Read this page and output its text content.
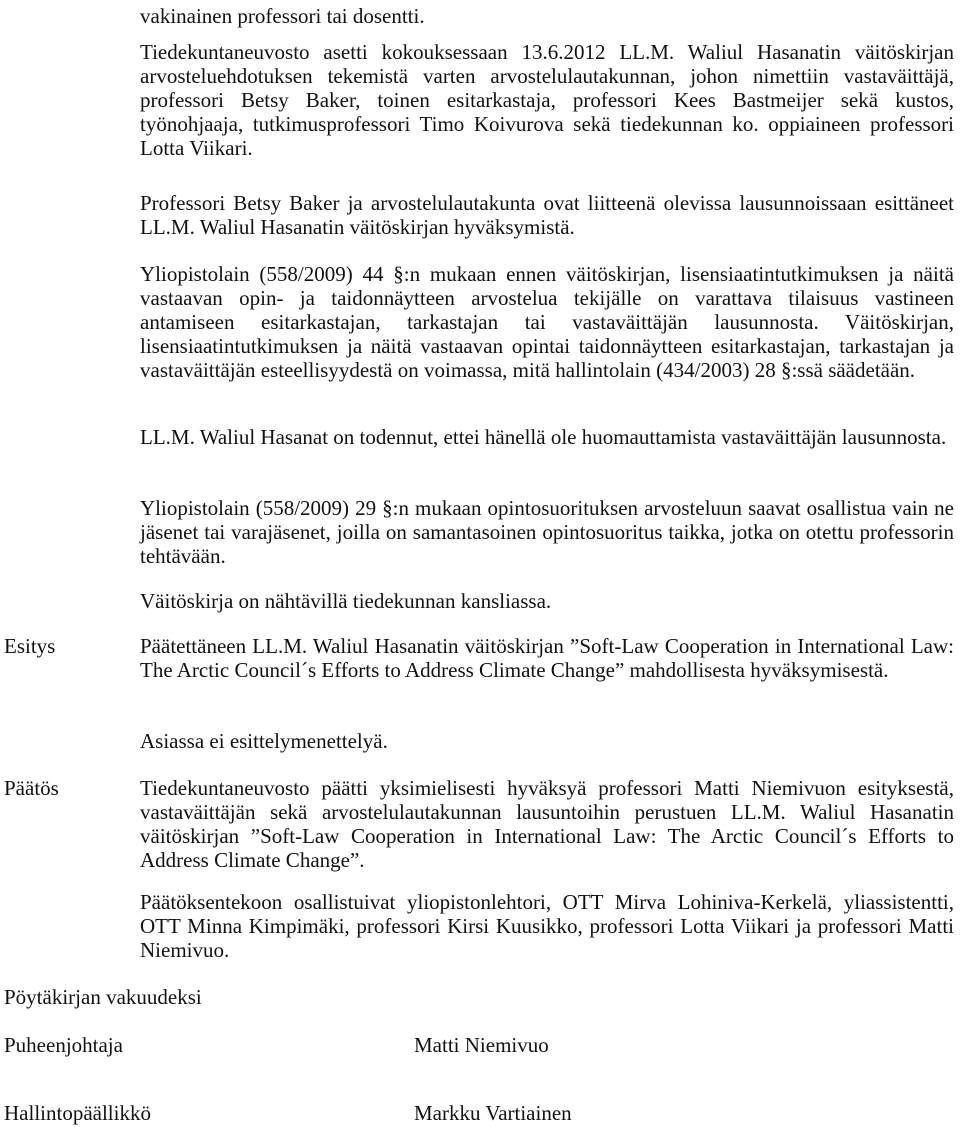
vakinainen professori tai dosentti.

Tiedekuntaneuvosto asetti kokouksessaan 13.6.2012 LL.M. Waliul Hasanatin väitöskirjan arvosteluehdotuksen tekemistä varten arvostelulautakunnan, johon nimettiin vastaväittäjä, professori Betsy Baker, toinen esitarkastaja, professori Kees Bastmeijer sekä kustos, työnohjaaja, tutkimusprofessori Timo Koivurova sekä tiedekunnan ko. oppiaineen professori Lotta Viikari.

Professori Betsy Baker ja arvostelulautakunta ovat liitteenä olevissa lausunnoissaan esittäneet LL.M. Waliul Hasanatin väitöskirjan hyväksymistä.

Yliopistolain (558/2009) 44 §:n mukaan ennen väitöskirjan, lisensiaatintutkimuksen ja näitä vastaavan opin- ja taidonnäytteen arvostelua tekijälle on varattava tilaisuus vastineen antamiseen esitarkastajan, tarkastajan tai vastaväittäjän lausunnosta. Väitöskirjan, lisensiaatintutkimuksen ja näitä vastaavan opintai taidonnäytteen esitarkastajan, tarkastajan ja vastaväittäjän esteellisyydestä on voimassa, mitä hallintolain (434/2003) 28 §:ssä säädetään.

LL.M. Waliul Hasanat on todennut, ettei hänellä ole huomauttamista vastaväittäjän lausunnosta.

Yliopistolain (558/2009) 29 §:n mukaan opintosuorituksen arvosteluun saavat osallistua vain ne jäsenet tai varajäsenet, joilla on samantasoinen opintosuoritus taikka, jotka on otettu professorin tehtävään.

Väitöskirja on nähtävillä tiedekunnan kansliassa.

Esitys	Päätettäneen LL.M. Waliul Hasanatin väitöskirjan ”Soft-Law Cooperation in International Law: The Arctic Council´s Efforts to Address Climate Change” mahdollisesta hyväksymisestä.

Asiassa ei esittelymenettelyä.

Päätös	Tiedekuntaneuvosto päätti yksimielisesti hyväksyä professori Matti Niemivuon esityksestä, vastaväittäjän sekä arvostelulautakunnan lausuntoihin perustuen LL.M. Waliul Hasanatin väitöskirjan ”Soft-Law Cooperation in International Law: The Arctic Council´s Efforts to Address Climate Change”.

Päätöksentekoon osallistuivat yliopistonlehtori, OTT Mirva Lohiniva-Kerkelä, yliassistentti, OTT Minna Kimpimäki, professori Kirsi Kuusikko, professori Lotta Viikari ja professori Matti Niemivuo.

Pöytäkirjan vakuudeksi
Puheenjohtaja	Matti Niemivuo
Hallintopäällikkö	Markku Vartiainen
